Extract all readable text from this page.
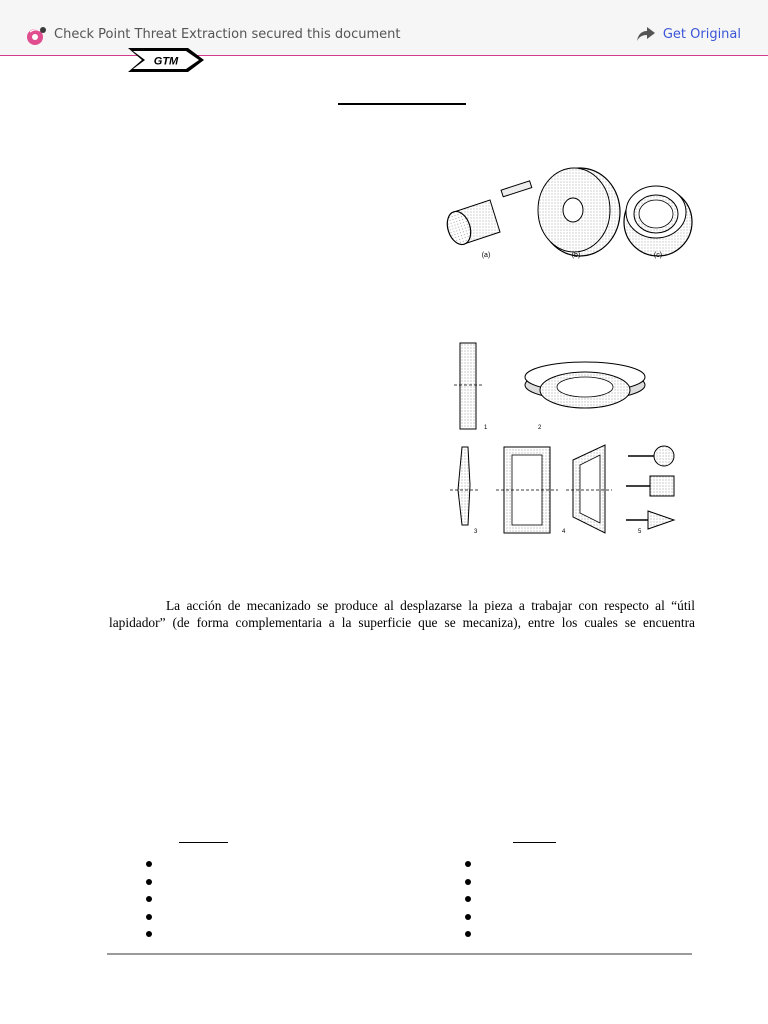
Check Point Threat Extraction secured this document	Get Original
GTM
(a)	(b)	(c)
1	2
3	4	5
La acción de mecanizado se produce al desplazarse la pieza a trabajar con respecto al “útil
lapidador” (de forma complementaria a la superficie que se mecaniza), entre los cuales se encuentra
